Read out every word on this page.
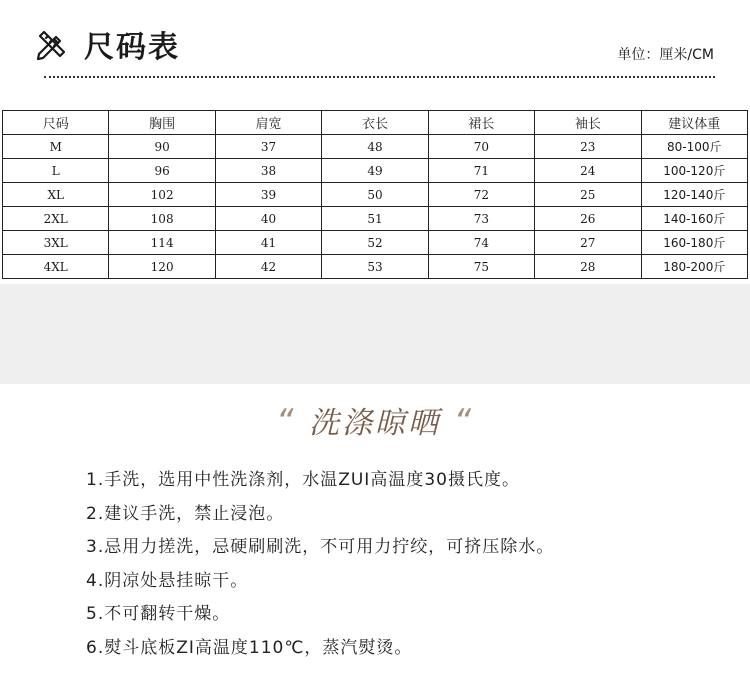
尺码表	单位：厘米/CM
尺码	胸围	肩宽	衣长	裙长	袖长	建议体重
M	90	37	48	70	23	80-100斤
L	96	38	49	71	24	100-120斤
XL	102	39	50	72	25	120-140斤
2XL	108	40	51	73	26	140-160斤
3XL	114	41	52	74	27	160-180斤
4XL	120	42	53	75	28	180-200斤
“ 洗涤晾晒 “
1.手洗，选用中性洗涤剂，水温ZUI高温度30摄氏度。
2.建议手洗，禁止浸泡。
3.忌用力搓洗，忌硬刷刷洗，不可用力拧绞，可挤压除水。
4.阴凉处悬挂晾干。
5.不可翻转干燥。
6.熨斗底板ZI高温度110℃，蒸汽熨烫。
